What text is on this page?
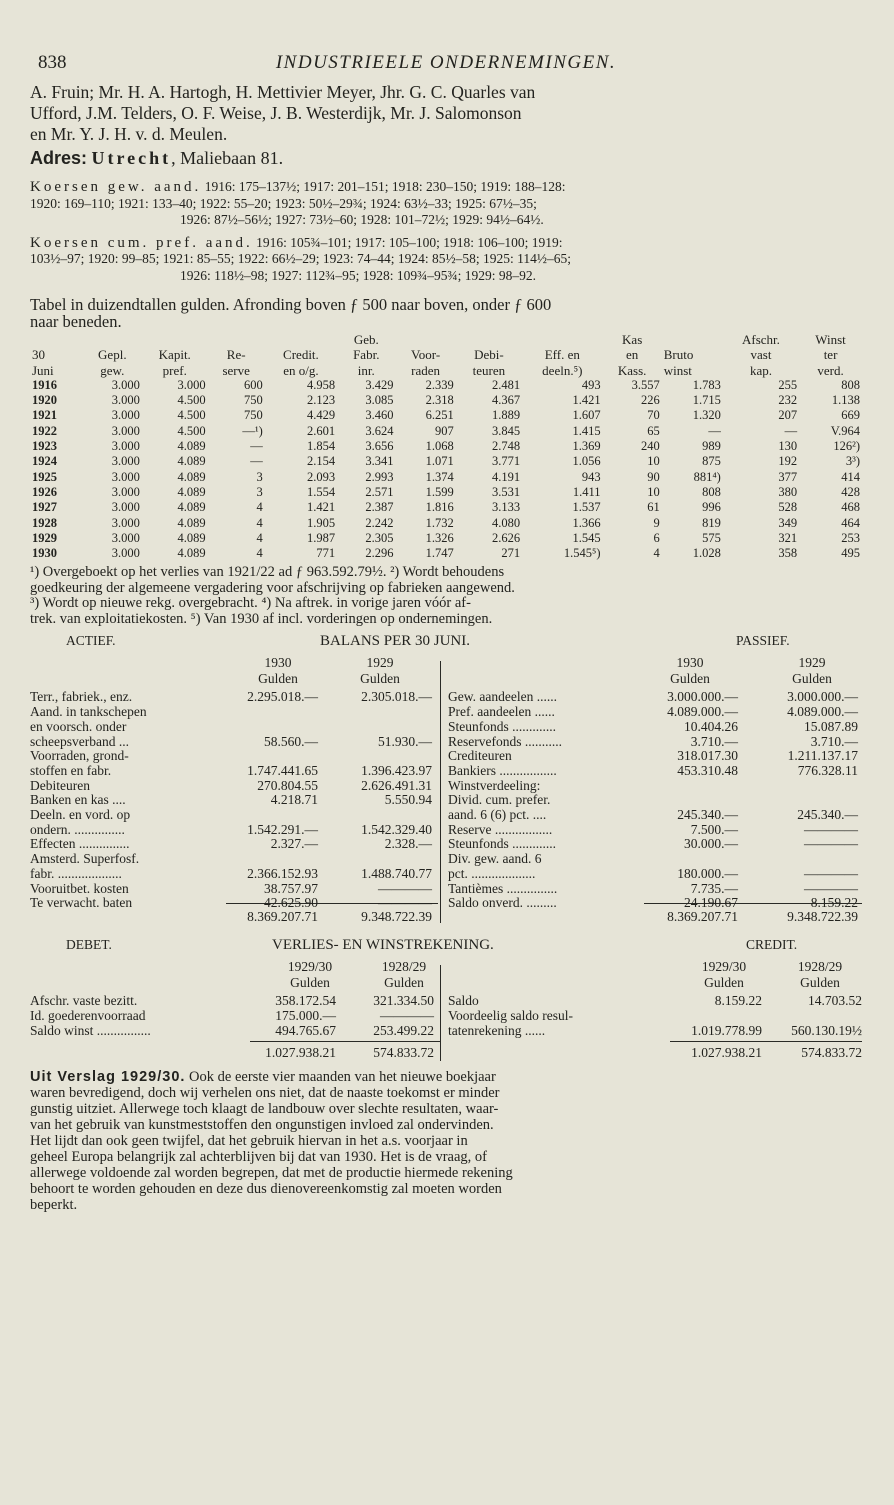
838	INDUSTRIEELE ONDERNEMINGEN.
A. Fruin; Mr. H. A. Hartogh, H. Mettivier Meyer, Jhr. G. C. Quarles van
Ufford, J.M. Telders, O. F. Weise, J. B. Westerdijk, Mr. J. Salomonson
en Mr. Y. J. H. v. d. Meulen.
Adres: Utrecht, Maliebaan 81.
Koersen gew. aand. 1916: 175–137½; 1917: 201–151; 1918: 230–150; 1919: 188–128:
1920: 169–110; 1921: 133–40; 1922: 55–20; 1923: 50½–29¾; 1924: 63½–33; 1925: 67½–35;
1926: 87½–56½; 1927: 73½–60; 1928: 101–72½; 1929: 94½–64½.
Koersen cum. pref. aand. 1916: 105¾–101; 1917: 105–100; 1918: 106–100; 1919:
103½–97; 1920: 99–85; 1921: 85–55; 1922: 66½–29; 1923: 74–44; 1924: 85½–58; 1925: 114½–65;
1926: 118½–98; 1927: 112¾–95; 1928: 109¾–95¾; 1929: 98–92.
Tabel in duizendtallen gulden. Afronding boven ƒ 500 naar boven, onder ƒ 600
naar beneden.
					Geb.				Kas		Afschr.	Winst
30	Gepl.	Kapit.	Re-	Credit.	Fabr.	Voor-	Debi-	Eff. en	en	Bruto	vast	ter
Juni	gew.	pref.	serve	en o/g.	inr.	raden	teuren	deeln.⁵)	Kass.	winst	kap.	verd.
1916	3.000	3.000	600	4.958	3.429	2.339	2.481	493	3.557	1.783	255	808
1920	3.000	4.500	750	2.123	3.085	2.318	4.367	1.421	226	1.715	232	1.138
1921	3.000	4.500	750	4.429	3.460	6.251	1.889	1.607	70	1.320	207	669
1922	3.000	4.500	—¹)	2.601	3.624	907	3.845	1.415	65	—	—	V.964
1923	3.000	4.089	—	1.854	3.656	1.068	2.748	1.369	240	989	130	126²)
1924	3.000	4.089	—	2.154	3.341	1.071	3.771	1.056	10	875	192	3³)
1925	3.000	4.089	3	2.093	2.993	1.374	4.191	943	90	881⁴)	377	414
1926	3.000	4.089	3	1.554	2.571	1.599	3.531	1.411	10	808	380	428
1927	3.000	4.089	4	1.421	2.387	1.816	3.133	1.537	61	996	528	468
1928	3.000	4.089	4	1.905	2.242	1.732	4.080	1.366	9	819	349	464
1929	3.000	4.089	4	1.987	2.305	1.326	2.626	1.545	6	575	321	253
1930	3.000	4.089	4	771	2.296	1.747	271	1.545⁵)	4	1.028	358	495
¹) Overgeboekt op het verlies van 1921/22 ad ƒ 963.592.79½. ²) Wordt behoudens
goedkeuring der algemeene vergadering voor afschrijving op fabrieken aangewend.
³) Wordt op nieuwe rekg. overgebracht. ⁴) Na aftrek. in vorige jaren vóór af-
trek. van exploitatiekosten. ⁵) Van 1930 af incl. vorderingen op ondernemingen.
ACTIEF.	BALANS PER 30 JUNI.	PASSIEF.
1930	1929	1930	1929
Gulden	Gulden	Gulden	Gulden
Terr., fabriek., enz.	2.295.018.—	2.305.018.—
Aand. in tankschepen
en voorsch. onder
scheepsverband ...	58.560.—	51.930.—
Voorraden, grond-
stoffen en fabr.	1.747.441.65	1.396.423.97
Debiteuren	270.804.55	2.626.491.31
Banken en kas ....	4.218.71	5.550.94
Deeln. en vord. op
ondern. ...............	1.542.291.—	1.542.329.40
Effecten ...............	2.327.—	2.328.—
Amsterd. Superfosf.
fabr. ...................	2.366.152.93	1.488.740.77
Vooruitbet. kosten	38.757.97	————
Te verwacht. baten	42.625.90	————
8.369.207.71	9.348.722.39
Gew. aandeelen ......	3.000.000.—	3.000.000.—
Pref. aandeelen ......	4.089.000.—	4.089.000.—
Steunfonds .............	10.404.26	15.087.89
Reservefonds ...........	3.710.—	3.710.—
Crediteuren	318.017.30	1.211.137.17
Bankiers .................	453.310.48	776.328.11
Winstverdeeling:
Divid. cum. prefer.
aand. 6 (6) pct. ....	245.340.—	245.340.—
Reserve .................	7.500.—	————
Steunfonds .............	30.000.—	————
Div. gew. aand. 6
pct. ...................	180.000.—	————
Tantièmes ...............	7.735.—	————
Saldo onverd. .........	24.190.67	8.159.22
8.369.207.71	9.348.722.39
DEBET.	VERLIES- EN WINSTREKENING.	CREDIT.
1929/30	1928/29	1929/30	1928/29
Gulden	Gulden	Gulden	Gulden
Afschr. vaste bezitt.	358.172.54	321.334.50
Id. goederenvoorraad	175.000.—	————
Saldo winst ................	494.765.67	253.499.22
1.027.938.21	574.833.72
Saldo	8.159.22	14.703.52
Voordeelig saldo resul-
tatenrekening ......	1.019.778.99	560.130.19½
1.027.938.21	574.833.72
Uit Verslag 1929/30. Ook de eerste vier maanden van het nieuwe boekjaar
waren bevredigend, doch wij verhelen ons niet, dat de naaste toekomst er minder
gunstig uitziet. Allerwege toch klaagt de landbouw over slechte resultaten, waar-
van het gebruik van kunstmeststoffen den ongunstigen invloed zal ondervinden.
Het lijdt dan ook geen twijfel, dat het gebruik hiervan in het a.s. voorjaar in
geheel Europa belangrijk zal achterblijven bij dat van 1930. Het is de vraag, of
allerwege voldoende zal worden begrepen, dat met de productie hiermede rekening
behoort te worden gehouden en deze dus dienovereenkomstig zal moeten worden
beperkt.
